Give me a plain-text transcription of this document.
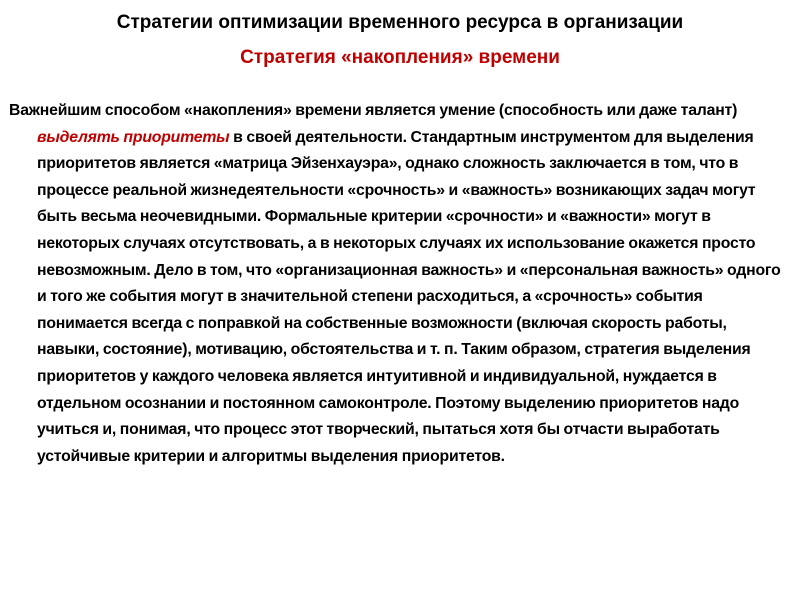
Стратегии оптимизации временного ресурса в организации
Стратегия «накопления» времени

Важнейшим способом «накопления» времени является умение (способность или даже талант) выделять приоритеты в своей деятельности. Стандартным инструментом для выделения приоритетов является «матрица Эйзенхауэра», однако сложность заключается в том, что в процессе реальной жизнедеятельности «срочность» и «важность» возникающих задач могут быть весьма неочевидными. Формальные критерии «срочности» и «важности» могут в некоторых случаях отсутствовать, а в некоторых случаях их использование окажется просто невозможным. Дело в том, что «организационная важность» и «персональная важность» одного и того же события могут в значительной степени расходиться, а «срочность» события понимается всегда с поправкой на собственные возможности (включая скорость работы, навыки, состояние), мотивацию, обстоятельства и т. п. Таким образом, стратегия выделения приоритетов у каждого человека является интуитивной и индивидуальной, нуждается в отдельном осознании и постоянном самоконтроле. Поэтому выделению приоритетов надо учиться и, понимая, что процесс этот творческий, пытаться хотя бы отчасти выработать устойчивые критерии и алгоритмы выделения приоритетов.
